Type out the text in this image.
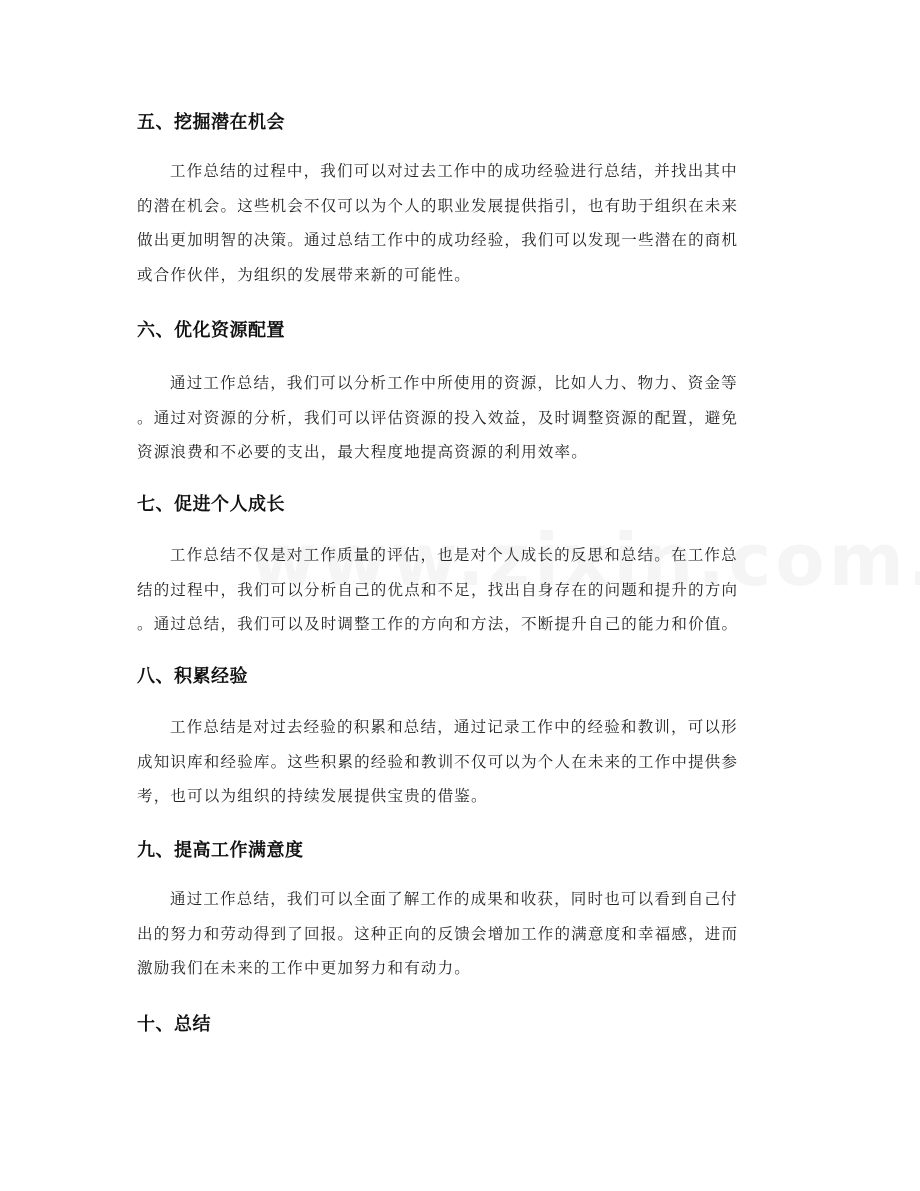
五、挖掘潜在机会
工作总结的过程中，我们可以对过去工作中的成功经验进行总结，并找出其中
的潜在机会。这些机会不仅可以为个人的职业发展提供指引，也有助于组织在未来
做出更加明智的决策。通过总结工作中的成功经验，我们可以发现一些潜在的商机
或合作伙伴，为组织的发展带来新的可能性。
六、优化资源配置
通过工作总结，我们可以分析工作中所使用的资源，比如人力、物力、资金等
。通过对资源的分析，我们可以评估资源的投入效益，及时调整资源的配置，避免
资源浪费和不必要的支出，最大程度地提高资源的利用效率。
七、促进个人成长
工作总结不仅是对工作质量的评估，也是对个人成长的反思和总结。在工作总
结的过程中，我们可以分析自己的优点和不足，找出自身存在的问题和提升的方向
。通过总结，我们可以及时调整工作的方向和方法，不断提升自己的能力和价值。
八、积累经验
工作总结是对过去经验的积累和总结，通过记录工作中的经验和教训，可以形
成知识库和经验库。这些积累的经验和教训不仅可以为个人在未来的工作中提供参
考，也可以为组织的持续发展提供宝贵的借鉴。
九、提高工作满意度
通过工作总结，我们可以全面了解工作的成果和收获，同时也可以看到自己付
出的努力和劳动得到了回报。这种正向的反馈会增加工作的满意度和幸福感，进而
激励我们在未来的工作中更加努力和有动力。
十、总结
